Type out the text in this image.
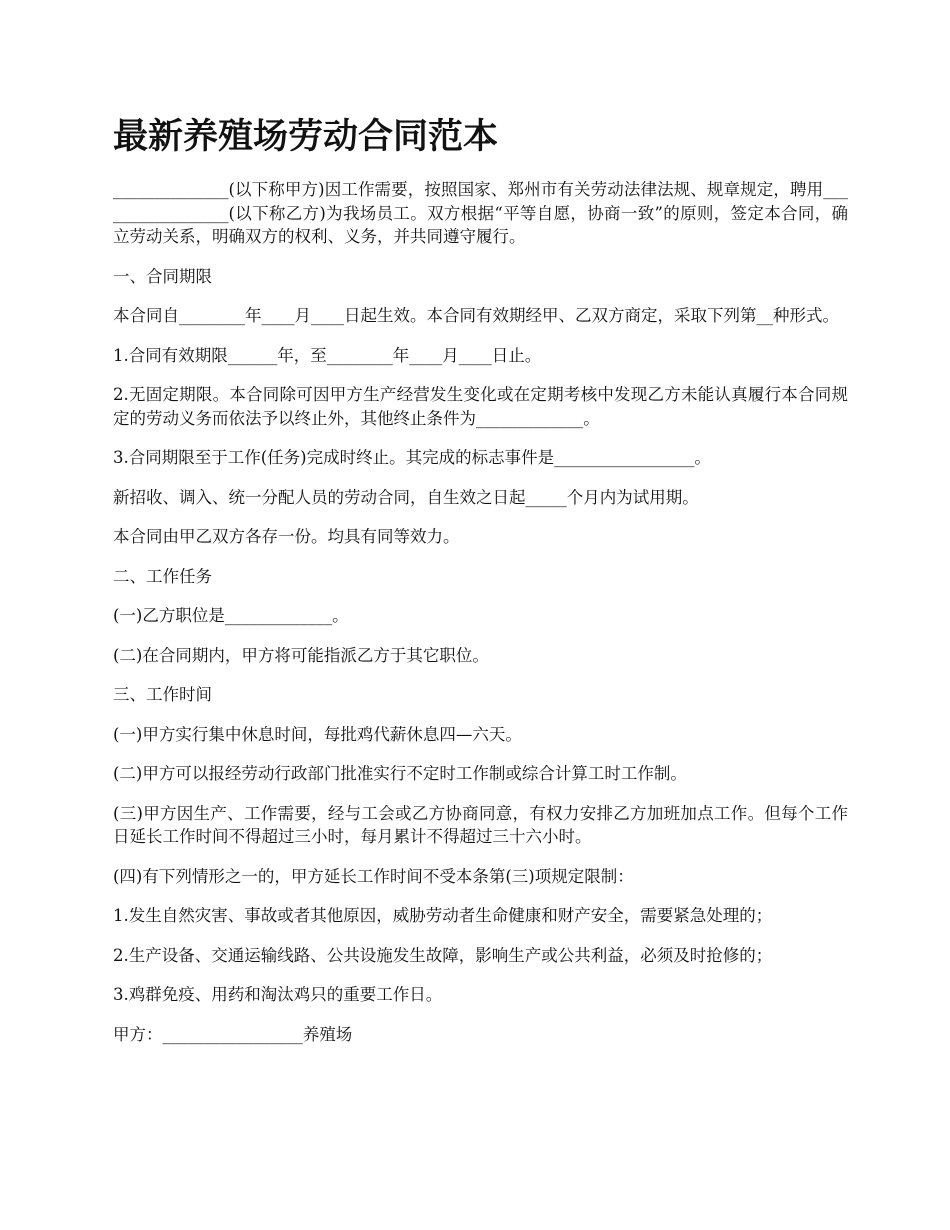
最新养殖场劳动合同范本

______________(以下称甲方)因工作需要，按照国家、郑州市有关劳动法律法规、规章规定，聘用_________________(以下称乙方)为我场员工。双方根据“平等自愿，协商一致”的原则，签定本合同，确立劳动关系，明确双方的权利、义务，并共同遵守履行。

一、合同期限

本合同自________年____月____日起生效。本合同有效期经甲、乙双方商定，采取下列第__种形式。

1.合同有效期限______年，至________年____月____日止。

2.无固定期限。本合同除可因甲方生产经营发生变化或在定期考核中发现乙方未能认真履行本合同规定的劳动义务而依法予以终止外，其他终止条件为_____________。

3.合同期限至于工作(任务)完成时终止。其完成的标志事件是_________________。

新招收、调入、统一分配人员的劳动合同，自生效之日起_____个月内为试用期。

本合同由甲乙双方各存一份。均具有同等效力。

二、工作任务

(一)乙方职位是_____________。

(二)在合同期内，甲方将可能指派乙方于其它职位。

三、工作时间

(一)甲方实行集中休息时间，每批鸡代薪休息四—六天。

(二)甲方可以报经劳动行政部门批准实行不定时工作制或综合计算工时工作制。

(三)甲方因生产、工作需要，经与工会或乙方协商同意，有权力安排乙方加班加点工作。但每个工作日延长工作时间不得超过三小时，每月累计不得超过三十六小时。

(四)有下列情形之一的，甲方延长工作时间不受本条第(三)项规定限制：

1.发生自然灾害、事故或者其他原因，威胁劳动者生命健康和财产安全，需要紧急处理的；

2.生产设备、交通运输线路、公共设施发生故障，影响生产或公共利益，必须及时抢修的；

3.鸡群免疫、用药和淘汰鸡只的重要工作日。

甲方：_________________养殖场
